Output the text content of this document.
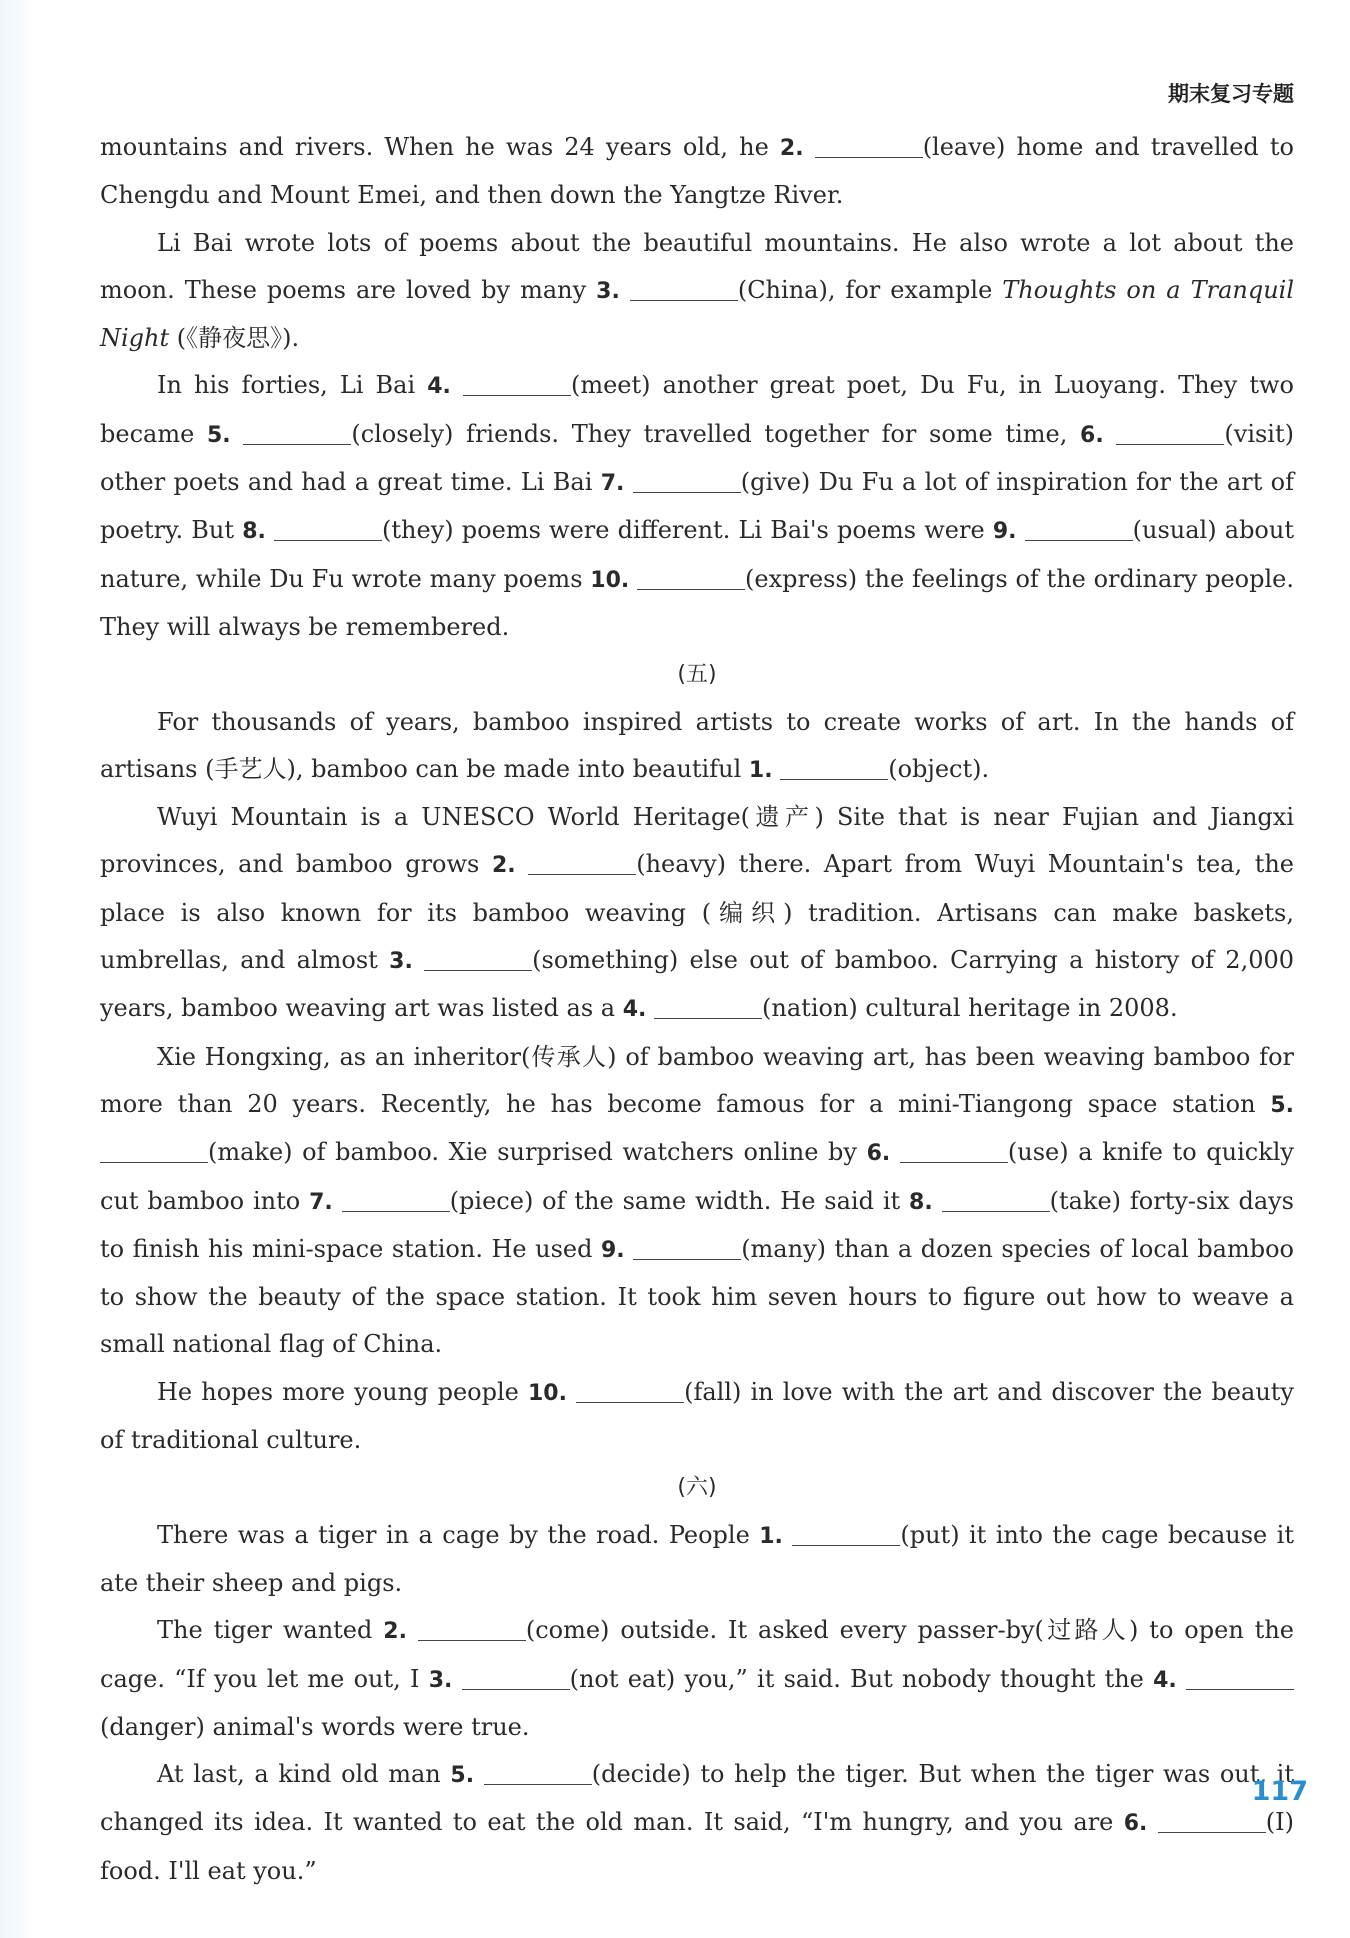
期末复习专题

mountains and rivers. When he was 24 years old, he 2.	(leave) home and travelled to Chengdu and Mount Emei, and then down the Yangtze River.

Li Bai wrote lots of poems about the beautiful mountains. He also wrote a lot about the moon. These poems are loved by many 3.	(China), for example Thoughts on a Tranquil Night (《静夜思》).

In his forties, Li Bai 4.	(meet) another great poet, Du Fu, in Luoyang. They two became 5.	(closely) friends. They travelled together for some time, 6.	(visit) other poets and had a great time. Li Bai 7.	(give) Du Fu a lot of inspiration for the art of poetry. But 8.	(they) poems were different. Li Bai's poems were 9.	(usual) about nature, while Du Fu wrote many poems 10.	(express) the feelings of the ordinary people. They will always be remembered.

(五)

For thousands of years, bamboo inspired artists to create works of art. In the hands of artisans (手艺人), bamboo can be made into beautiful 1.	(object).

Wuyi Mountain is a UNESCO World Heritage(遗产) Site that is near Fujian and Jiangxi provinces, and bamboo grows 2.	(heavy) there. Apart from Wuyi Mountain's tea, the place is also known for its bamboo weaving (编织) tradition. Artisans can make baskets, umbrellas, and almost 3.	(something) else out of bamboo. Carrying a history of 2,000 years, bamboo weaving art was listed as a 4.	(nation) cultural heritage in 2008.

Xie Hongxing, as an inheritor(传承人) of bamboo weaving art, has been weaving bamboo for more than 20 years. Recently, he has become famous for a mini-Tiangong space station 5. (make) of bamboo. Xie surprised watchers online by 6.	(use) a knife to quickly cut bamboo into 7.	(piece) of the same width. He said it 8.	(take) forty-six days to finish his mini-space station. He used 9.	(many) than a dozen species of local bamboo to show the beauty of the space station. It took him seven hours to figure out how to weave a small national flag of China.

He hopes more young people 10.	(fall) in love with the art and discover the beauty of traditional culture.

(六)

There was a tiger in a cage by the road. People 1.	(put) it into the cage because it ate their sheep and pigs.

The tiger wanted 2.	(come) outside. It asked every passer-by(过路人) to open the cage. “If you let me out, I 3.	(not eat) you,” it said. But nobody thought the 4. (danger) animal's words were true.

At last, a kind old man 5.	(decide) to help the tiger. But when the tiger was out, it changed its idea. It wanted to eat the old man. It said, “I'm hungry, and you are 6.	(I) food. I'll eat you.”

117
